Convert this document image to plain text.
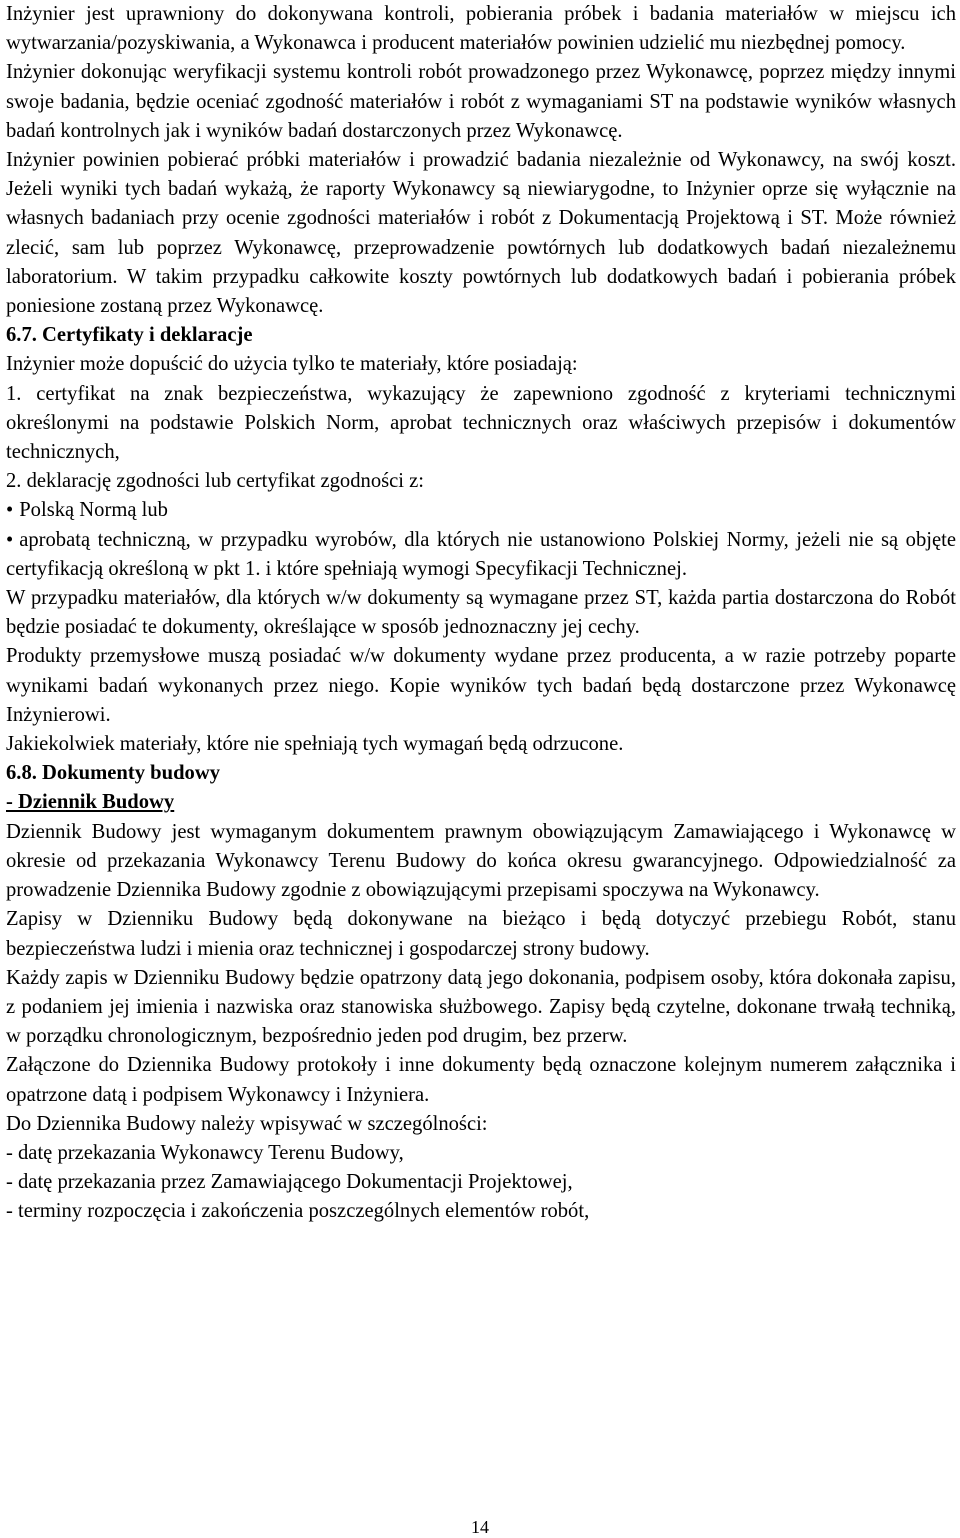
Inżynier jest uprawniony do dokonywana kontroli, pobierania próbek i badania materiałów w miejscu ich wytwarzania/pozyskiwania, a Wykonawca i producent materiałów powinien udzielić mu niezbędnej pomocy.

Inżynier dokonując weryfikacji systemu kontroli robót prowadzonego przez Wykonawcę, poprzez między innymi swoje badania, będzie oceniać zgodność materiałów i robót z wymaganiami ST na podstawie wyników własnych badań kontrolnych jak i wyników badań dostarczonych przez Wykonawcę.

Inżynier powinien pobierać próbki materiałów i prowadzić badania niezależnie od Wykonawcy, na swój koszt. Jeżeli wyniki tych badań wykażą, że raporty Wykonawcy są niewiarygodne, to Inżynier oprze się wyłącznie na własnych badaniach przy ocenie zgodności materiałów i robót z Dokumentacją Projektową i ST. Może również zlecić, sam lub poprzez Wykonawcę, przeprowadzenie powtórnych lub dodatkowych badań niezależnemu laboratorium. W takim przypadku całkowite koszty powtórnych lub dodatkowych badań i pobierania próbek poniesione zostaną przez Wykonawcę.

6.7. Certyfikaty i deklaracje

Inżynier może dopuścić do użycia tylko te materiały, które posiadają:

1. certyfikat na znak bezpieczeństwa, wykazujący że zapewniono zgodność z kryteriami technicznymi określonymi na podstawie Polskich Norm, aprobat technicznych oraz właściwych przepisów i dokumentów technicznych,

2. deklarację zgodności lub certyfikat zgodności z:

• Polską Normą lub

• aprobatą techniczną, w przypadku wyrobów, dla których nie ustanowiono Polskiej Normy, jeżeli nie są objęte certyfikacją określoną w pkt 1. i które spełniają wymogi Specyfikacji Technicznej.

W przypadku materiałów, dla których w/w dokumenty są wymagane przez ST, każda partia dostarczona do Robót będzie posiadać te dokumenty, określające w sposób jednoznaczny jej cechy.

Produkty przemysłowe muszą posiadać w/w dokumenty wydane przez producenta, a w razie potrzeby poparte wynikami badań wykonanych przez niego. Kopie wyników tych badań będą dostarczone przez Wykonawcę Inżynierowi.

Jakiekolwiek materiały, które nie spełniają tych wymagań będą odrzucone.

6.8. Dokumenty budowy

- Dziennik Budowy

Dziennik Budowy jest wymaganym dokumentem prawnym obowiązującym Zamawiającego i Wykonawcę w okresie od przekazania Wykonawcy Terenu Budowy do końca okresu gwarancyjnego. Odpowiedzialność za prowadzenie Dziennika Budowy zgodnie z obowiązującymi przepisami spoczywa na Wykonawcy.

Zapisy w Dzienniku Budowy będą dokonywane na bieżąco i będą dotyczyć przebiegu Robót, stanu bezpieczeństwa ludzi i mienia oraz technicznej i gospodarczej strony budowy.

Każdy zapis w Dzienniku Budowy będzie opatrzony datą jego dokonania, podpisem osoby, która dokonała zapisu, z podaniem jej imienia i nazwiska oraz stanowiska służbowego. Zapisy będą czytelne, dokonane trwałą techniką, w porządku chronologicznym, bezpośrednio jeden pod drugim, bez przerw.

Załączone do Dziennika Budowy protokoły i inne dokumenty będą oznaczone kolejnym numerem załącznika i opatrzone datą i podpisem Wykonawcy i Inżyniera.

Do Dziennika Budowy należy wpisywać w szczególności:

- datę przekazania Wykonawcy Terenu Budowy,

- datę przekazania przez Zamawiającego Dokumentacji Projektowej,

- terminy rozpoczęcia i zakończenia poszczególnych elementów robót,

14
